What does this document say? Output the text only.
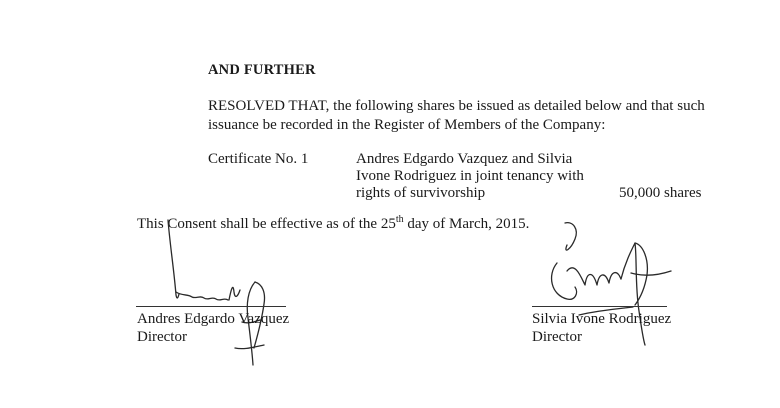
AND FURTHER
RESOLVED THAT, the following shares be issued as detailed below and that such
issuance be recorded in the Register of Members of the Company:
Certificate No. 1	Andres Edgardo Vazquez and Silvia
Ivone Rodriguez in joint tenancy with
rights of survivorship	50,000 shares
This Consent shall be effective as of the 25th day of March, 2015.
Andres Edgardo Vazquez
Director
Silvia Ivone Rodriguez
Director
